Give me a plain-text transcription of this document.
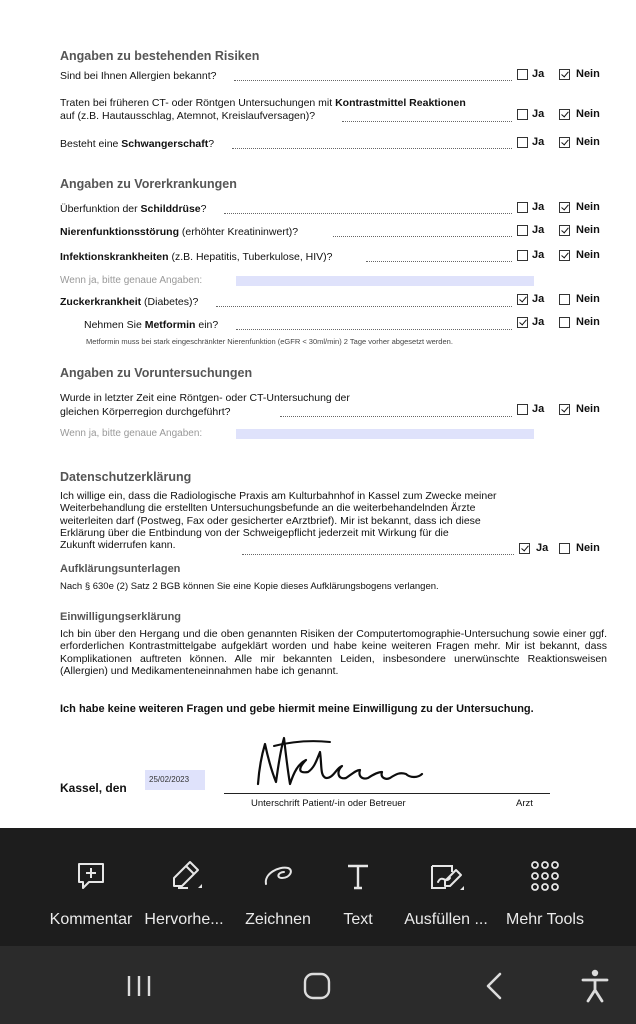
Angaben zu bestehenden Risiken
Sind bei Ihnen Allergien bekannt?	Ja	Nein
Traten bei früheren CT- oder Röntgen Untersuchungen mit Kontrastmittel Reaktionen
auf (z.B. Hautausschlag, Atemnot, Kreislaufversagen)?	Ja	Nein
Besteht eine Schwangerschaft?	Ja	Nein
Angaben zu Vorerkrankungen
Überfunktion der Schilddrüse?	Ja	Nein
Nierenfunktionsstörung (erhöhter Kreatininwert)?	Ja	Nein
Infektionskrankheiten (z.B. Hepatitis, Tuberkulose, HIV)?	Ja	Nein
Wenn ja, bitte genaue Angaben:
Zuckerkrankheit (Diabetes)?	Ja	Nein
Nehmen Sie Metformin ein?	Ja	Nein
Metformin muss bei stark eingeschränkter Nierenfunktion (eGFR < 30ml/min) 2 Tage vorher abgesetzt werden.
Angaben zu Voruntersuchungen
Wurde in letzter Zeit eine Röntgen- oder CT-Untersuchung der
gleichen Körperregion durchgeführt?	Ja	Nein
Wenn ja, bitte genaue Angaben:
Datenschutzerklärung
Ich willige ein, dass die Radiologische Praxis am Kulturbahnhof in Kassel zum Zwecke meiner
Weiterbehandlung die erstellten Untersuchungsbefunde an die weiterbehandelnden Ärzte
weiterleiten darf (Postweg, Fax oder gesicherter eArztbrief). Mir ist bekannt, dass ich diese
Erklärung über die Entbindung von der Schweigepflicht jederzeit mit Wirkung für die
Zukunft widerrufen kann.	Ja	Nein
Aufklärungsunterlagen
Nach § 630e (2) Satz 2 BGB können Sie eine Kopie dieses Aufklärungsbogens verlangen.
Einwilligungserklärung
Ich bin über den Hergang und die oben genannten Risiken der Computertomographie-Untersuchung sowie einer ggf. erforderlichen Kontrastmittelgabe aufgeklärt worden und habe keine weiteren Fragen mehr. Mir ist bekannt, dass Komplikationen auftreten können. Alle mir bekannten Leiden, insbesondere unerwünschte Reaktionsweisen (Allergien) und Medikamenteneinnahmen habe ich genannt.
Ich habe keine weiteren Fragen und gebe hiermit meine Einwilligung zu der Untersuchung.
Kassel, den
25/02/2023
Unterschrift Patient/-in oder Betreuer	Arzt
Kommentar Hervorhe...	Zeichnen	Text	Ausfüllen ...	Mehr Tools
